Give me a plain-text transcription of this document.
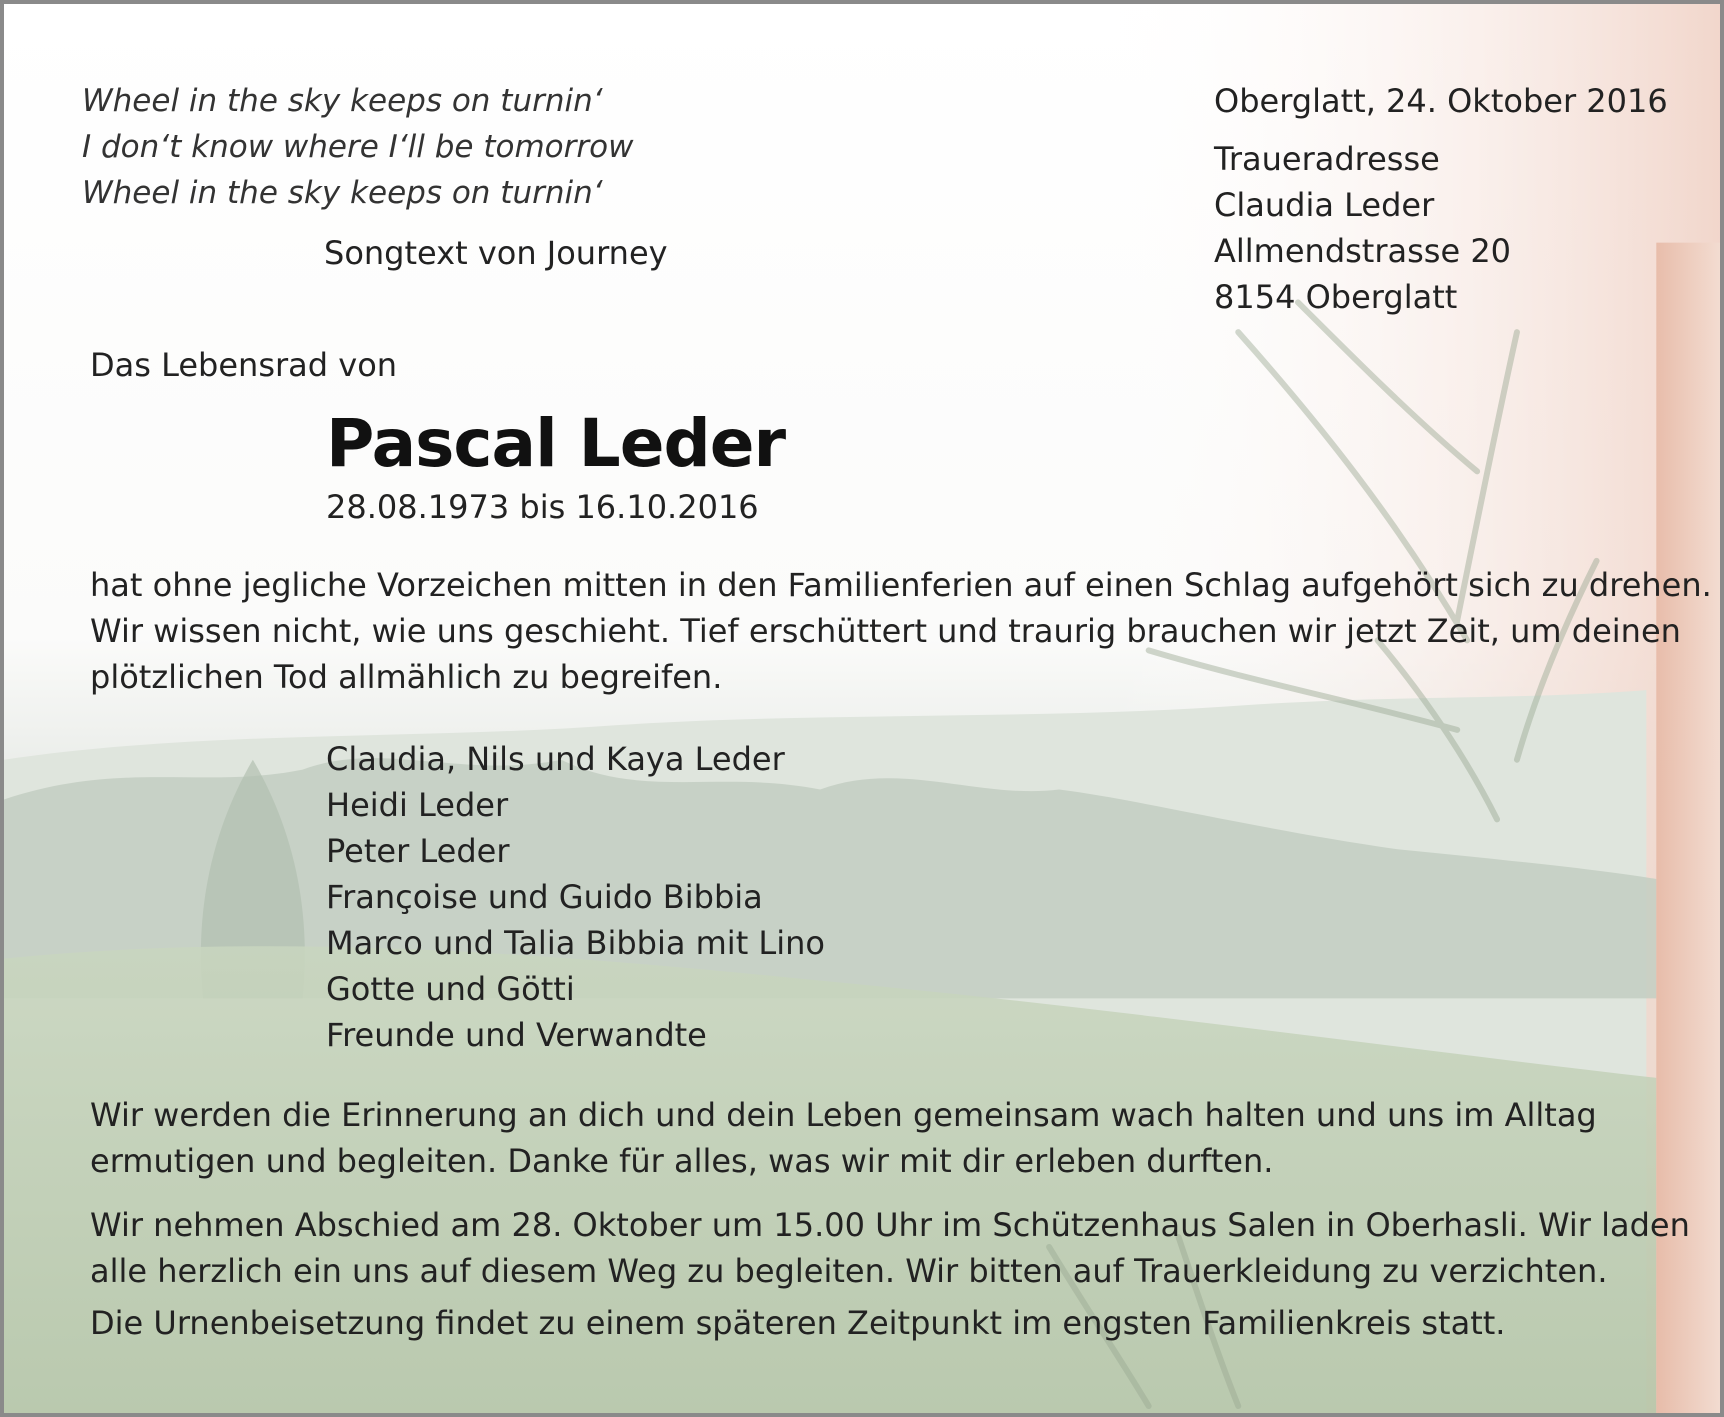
Wheel in the sky keeps on turnin‘
I don‘t know where I‘ll be tomorrow
Wheel in the sky keeps on turnin‘
Songtext von Journey
Oberglatt, 24. Oktober 2016
Traueradresse
Claudia Leder
Allmendstrasse 20
8154 Oberglatt
Das Lebensrad von
Pascal Leder
28.08.1973 bis 16.10.2016
hat ohne jegliche Vorzeichen mitten in den Familienferien auf einen Schlag aufgehört sich zu drehen.
Wir wissen nicht, wie uns geschieht. Tief erschüttert und traurig brauchen wir jetzt Zeit, um deinen
plötzlichen Tod allmählich zu begreifen.
Claudia, Nils und Kaya Leder
Heidi Leder
Peter Leder
Françoise und Guido Bibbia
Marco und Talia Bibbia mit Lino
Gotte und Götti
Freunde und Verwandte
Wir werden die Erinnerung an dich und dein Leben gemeinsam wach halten und uns im Alltag
ermutigen und begleiten. Danke für alles, was wir mit dir erleben durften.
Wir nehmen Abschied am 28. Oktober um 15.00 Uhr im Schützenhaus Salen in Oberhasli. Wir laden
alle herzlich ein uns auf diesem Weg zu begleiten. Wir bitten auf Trauerkleidung zu verzichten.
Die Urnenbeisetzung findet zu einem späteren Zeitpunkt im engsten Familienkreis statt.
